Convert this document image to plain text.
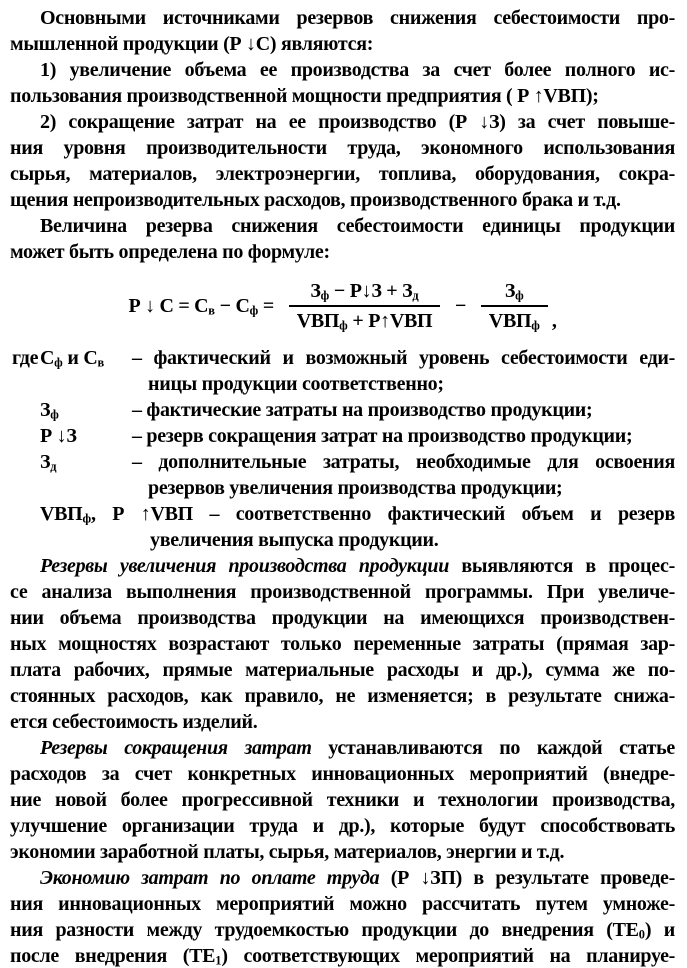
Основными источниками резервов снижения себестоимости про-
мышленной продукции (Р ↓С) являются:
1) увеличение объема ее производства за счет более полного ис-
пользования производственной мощности предприятия ( Р ↑VВП);
2) сокращение затрат на ее производство (Р ↓З) за счет повыше-
ния уровня производительности труда, экономного использования
сырья, материалов, электроэнергии, топлива, оборудования, сокра-
щения непроизводительных расходов, производственного брака и т.д.
Величина резерва снижения себестоимости единицы продукции
может быть определена по формуле:
Р ↓ $С = С_в - С_ф = \frac{З_ф - Р↓З + З_д}{VВП_ф + Р↑VВП} - \frac{З_ф}{VВП_ф}$ ,
где $С_ф$ и $С_в$	– фактический и возможный уровень себестоимости еди-
ницы продукции соответственно;
$З_ф$	– фактические затраты на производство продукции;
Р ↓З	– резерв сокращения затрат на производство продукции;
$З_д$	– дополнительные затраты, необходимые для освоения
резервов увеличения производства продукции;
$VВП_ф$, Р ↑VВП – соответственно фактический объем и резерв
увеличения выпуска продукции.
Резервы увеличения производства продукции выявляются в процес-
се анализа выполнения производственной программы. При увеличе-
нии объема производства продукции на имеющихся производствен-
ных мощностях возрастают только переменные затраты (прямая зар-
плата рабочих, прямые материальные расходы и др.), сумма же по-
стоянных расходов, как правило, не изменяется; в результате снижа-
ется себестоимость изделий.
Резервы сокращения затрат устанавливаются по каждой статье
расходов за счет конкретных инновационных мероприятий (внедре-
ние новой более прогрессивной техники и технологии производства,
улучшение организации труда и др.), которые будут способствовать
экономии заработной платы, сырья, материалов, энергии и т.д.
Экономию затрат по оплате труда (Р ↓ЗП) в результате проведе-
ния инновационных мероприятий можно рассчитать путем умноже-
ния разности между трудоемкостью продукции до внедрения $(ТЕ_0)$ и
после внедрения $(ТЕ_1)$ соответствующих мероприятий на планируе-
